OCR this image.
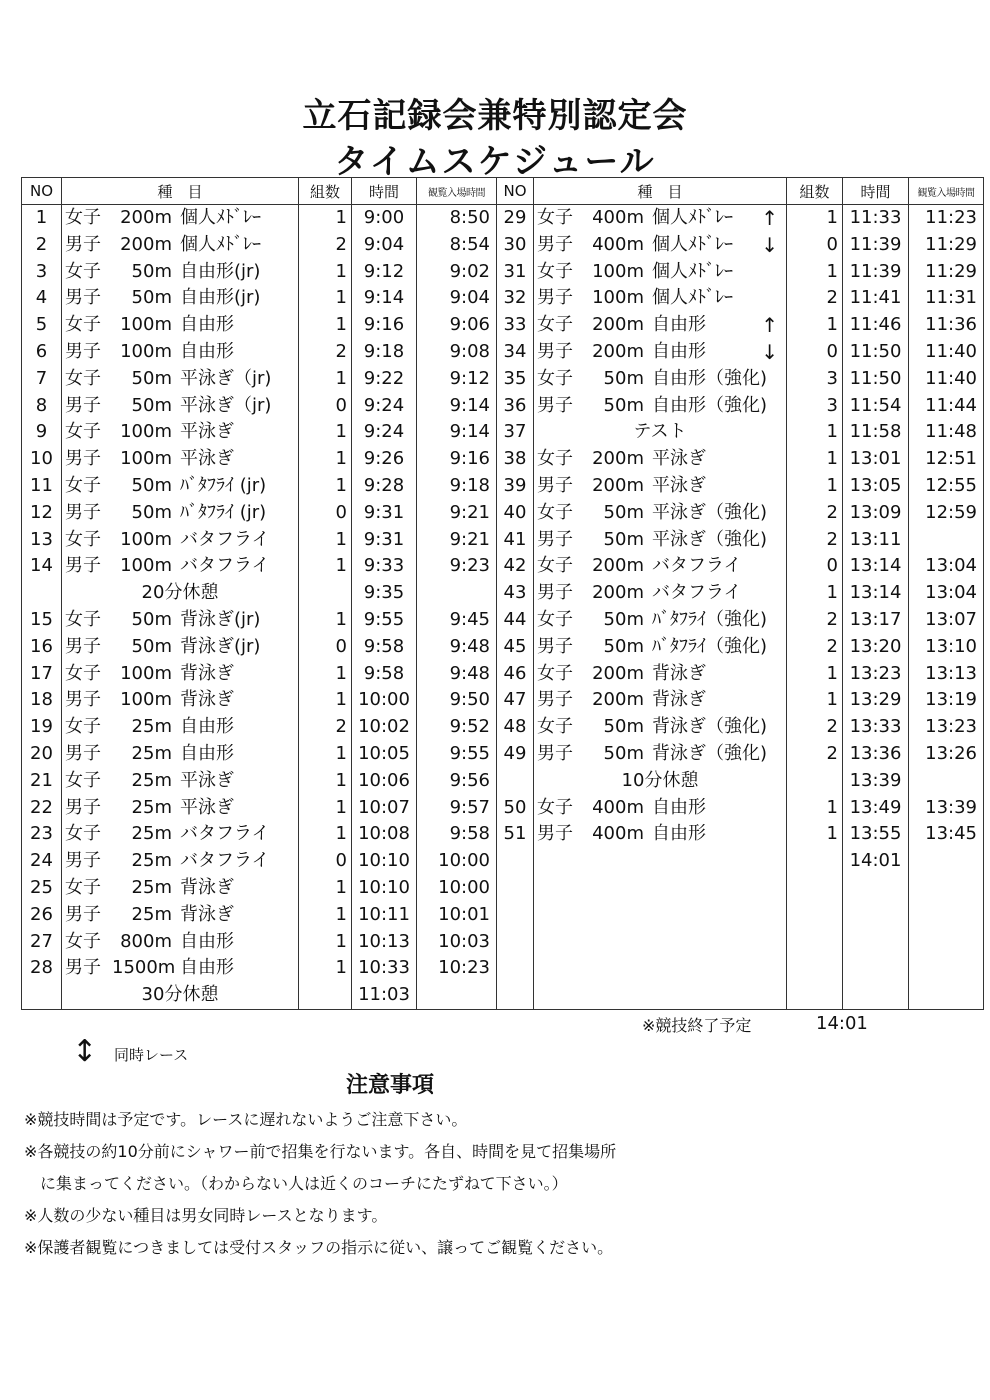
立石記録会兼特別認定会
タイムスケジュール
NO	種　目	組数	時間	観覧入場時間	NO	種　目	組数	時間	観覧入場時間
1	女子 200m 個人ﾒﾄﾞﾚｰ	1	9:00	8:50	29	女子 400m 個人ﾒﾄﾞﾚｰ ↑	1	11:33	11:23
2	男子 200m 個人ﾒﾄﾞﾚｰ	2	9:04	8:54	30	男子 400m 個人ﾒﾄﾞﾚｰ ↓	0	11:39	11:29
3	女子 50m 自由形(jr)	1	9:12	9:02	31	女子 100m 個人ﾒﾄﾞﾚｰ	1	11:39	11:29
4	男子 50m 自由形(jr)	1	9:14	9:04	32	男子 100m 個人ﾒﾄﾞﾚｰ	2	11:41	11:31
5	女子 100m 自由形	1	9:16	9:06	33	女子 200m 自由形 ↑	1	11:46	11:36
6	男子 100m 自由形	2	9:18	9:08	34	男子 200m 自由形 ↓	0	11:50	11:40
7	女子 50m 平泳ぎ（jr)	1	9:22	9:12	35	女子 50m 自由形（強化)	3	11:50	11:40
8	男子 50m 平泳ぎ（jr)	0	9:24	9:14	36	男子 50m 自由形（強化)	3	11:54	11:44
9	女子 100m 平泳ぎ	1	9:24	9:14	37	テスト	1	11:58	11:48
10	男子 100m 平泳ぎ	1	9:26	9:16	38	女子 200m 平泳ぎ	1	13:01	12:51
11	女子 50m ﾊﾞﾀﾌﾗｲ (jr)	1	9:28	9:18	39	男子 200m 平泳ぎ	1	13:05	12:55
12	男子 50m ﾊﾞﾀﾌﾗｲ (jr)	0	9:31	9:21	40	女子 50m 平泳ぎ（強化)	2	13:09	12:59
13	女子 100m バタフライ	1	9:31	9:21	41	男子 50m 平泳ぎ（強化)	2	13:11	
14	男子 100m バタフライ	1	9:33	9:23	42	女子 200m バタフライ	0	13:14	13:04

	20分休憩		9:35		43	男子 200m バタフライ	1	13:14	13:04
15	女子 50m 背泳ぎ(jr)	1	9:55	9:45	44	女子 50m ﾊﾞﾀﾌﾗｲ（強化)	2	13:17	13:07
16	男子 50m 背泳ぎ(jr)	0	9:58	9:48	45	男子 50m ﾊﾞﾀﾌﾗｲ（強化)	2	13:20	13:10
17	女子 100m 背泳ぎ	1	9:58	9:48	46	女子 200m 背泳ぎ	1	13:23	13:13
18	男子 100m 背泳ぎ	1	10:00	9:50	47	男子 200m 背泳ぎ	1	13:29	13:19
19	女子 25m 自由形	2	10:02	9:52	48	女子 50m 背泳ぎ（強化)	2	13:33	13:23
20	男子 25m 自由形	1	10:05	9:55	49	男子 50m 背泳ぎ（強化)	2	13:36	13:26
21	女子 25m 平泳ぎ	1	10:06	9:56		10分休憩		13:39	
22	男子 25m 平泳ぎ	1	10:07	9:57	50	女子 400m 自由形	1	13:49	13:39
23	女子 25m バタフライ	1	10:08	9:58	51	男子 400m 自由形	1	13:55	13:45
24	男子 25m バタフライ	0	10:10	10:00				14:01	
25	女子 25m 背泳ぎ	1	10:10	10:00		

26	男子 25m 背泳ぎ	1	10:11	10:01		

27	女子 800m 自由形	1	10:13	10:03		

28	男子 1500m 自由形	1	10:33	10:23		

	30分休憩		11:03			

※競技終了予定	14:01
↕ 同時レース
注意事項
※競技時間は予定です。レースに遅れないようご注意下さい。
※各競技の約10分前にシャワー前で招集を行ないます。各自、時間を見て招集場所
　に集まってください。（わからない人は近くのコーチにたずねて下さい。）
※人数の少ない種目は男女同時レースとなります。
※保護者観覧につきましては受付スタッフの指示に従い、譲ってご観覧ください。
